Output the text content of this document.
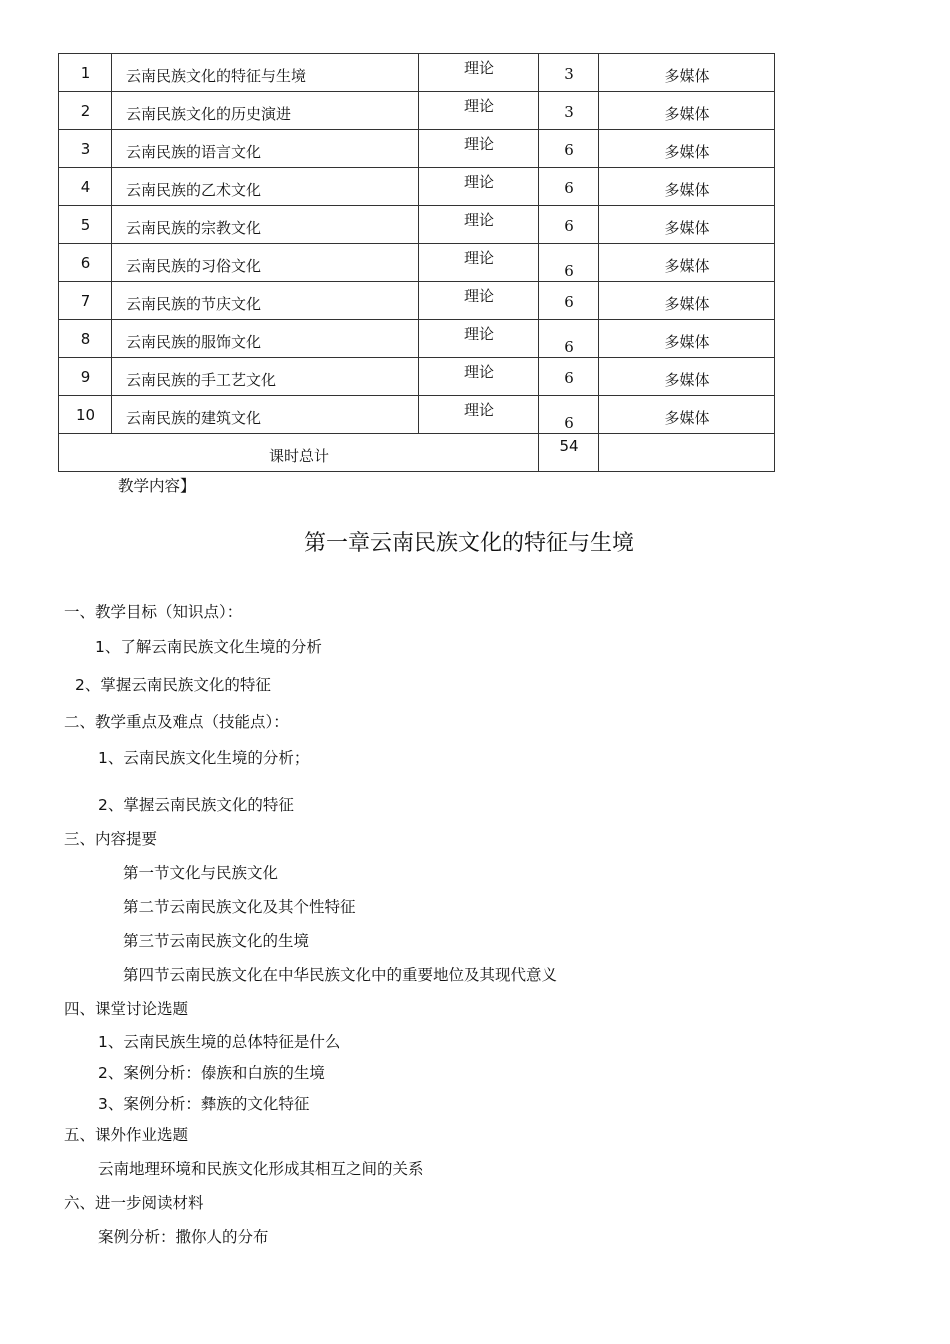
1	云南民族文化的特征与生境	理论	3	多媒体

2	云南民族文化的历史演进	理论	3	多媒体

3	云南民族的语言文化	理论	6	多媒体

4	云南民族的乙术文化	理论	6	多媒体

5	云南民族的宗教文化	理论	6	多媒体

6	云南民族的习俗文化	理论	6	多媒体

7	云南民族的节庆文化	理论	6	多媒体

8	云南民族的服饰文化	理论	6	多媒体

9	云南民族的手工艺文化	理论	6	多媒体

10	云南民族的建筑文化	理论	6	多媒体

课时总计			54	

教学内容】
第一章云南民族文化的特征与生境
一、教学目标（知识点）：
1、了解云南民族文化生境的分析
2、掌握云南民族文化的特征
二、教学重点及难点（技能点）：
1、云南民族文化生境的分析；
2、掌握云南民族文化的特征
三、内容提要
第一节文化与民族文化
第二节云南民族文化及其个性特征
第三节云南民族文化的生境
第四节云南民族文化在中华民族文化中的重要地位及其现代意义
四、课堂讨论选题
1、云南民族生境的总体特征是什么
2、案例分析：傣族和白族的生境
3、案例分析：彝族的文化特征
五、课外作业选题
云南地理环境和民族文化形成其相互之间的关系
六、进一步阅读材料
案例分析：撒你人的分布
